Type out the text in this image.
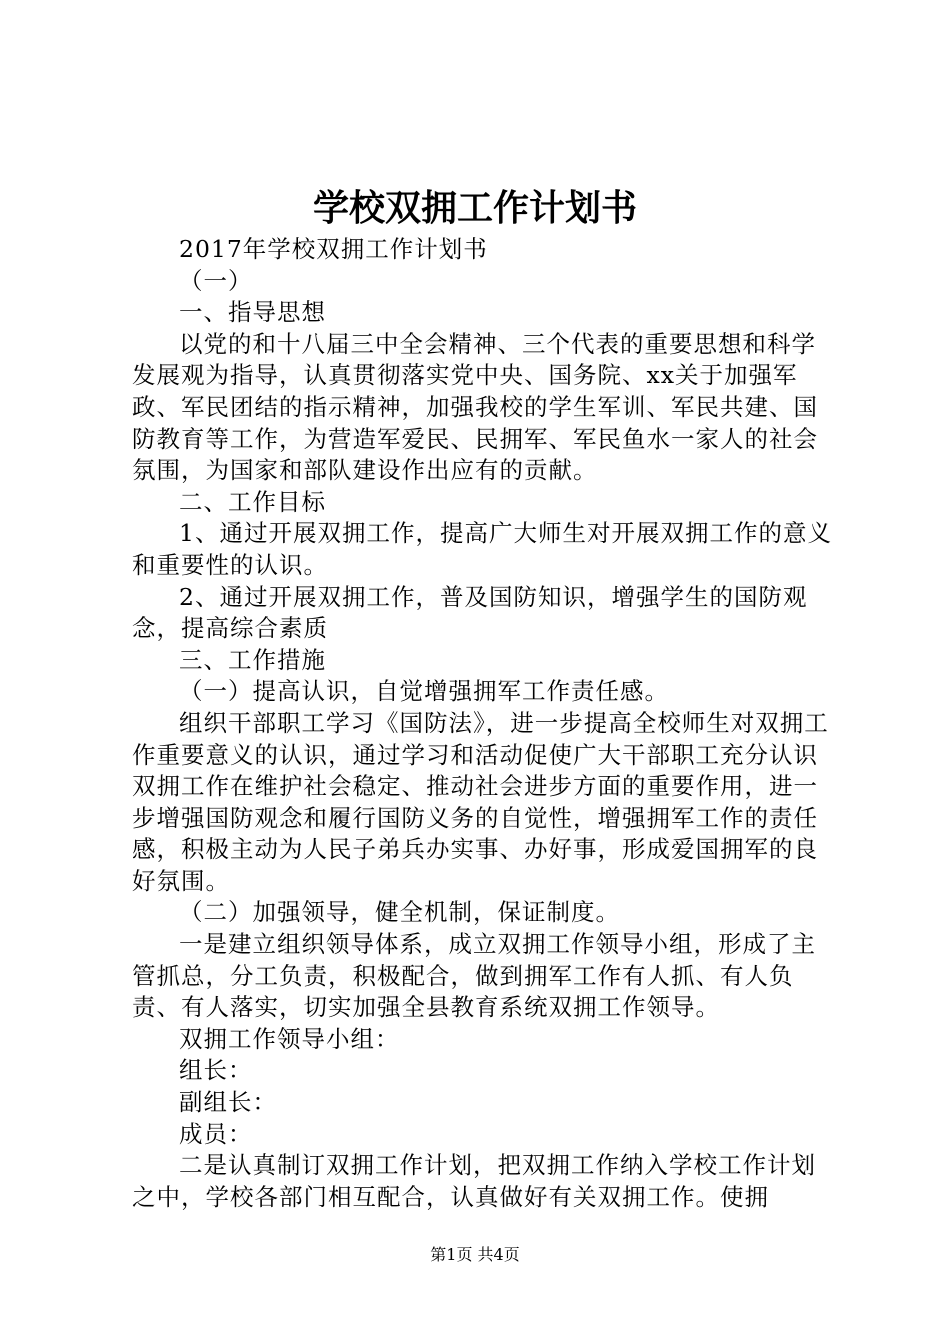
学校双拥工作计划书

2017年学校双拥工作计划书

（一）

一、指导思想

以党的和十八届三中全会精神、三个代表的重要思想和科学发展观为指导，认真贯彻落实党中央、国务院、xx关于加强军政、军民团结的指示精神，加强我校的学生军训、军民共建、国防教育等工作，为营造军爱民、民拥军、军民鱼水一家人的社会氛围，为国家和部队建设作出应有的贡献。

二、工作目标

1、通过开展双拥工作，提高广大师生对开展双拥工作的意义和重要性的认识。

2、通过开展双拥工作，普及国防知识，增强学生的国防观念，提高综合素质

三、工作措施

（一）提高认识，自觉增强拥军工作责任感。

组织干部职工学习《国防法》，进一步提高全校师生对双拥工作重要意义的认识，通过学习和活动促使广大干部职工充分认识双拥工作在维护社会稳定、推动社会进步方面的重要作用，进一步增强国防观念和履行国防义务的自觉性，增强拥军工作的责任感，积极主动为人民子弟兵办实事、办好事，形成爱国拥军的良好氛围。

（二）加强领导，健全机制，保证制度。

一是建立组织领导体系，成立双拥工作领导小组，形成了主管抓总，分工负责，积极配合，做到拥军工作有人抓、有人负责、有人落实，切实加强全县教育系统双拥工作领导。

双拥工作领导小组：

组长：

副组长：

成员：

二是认真制订双拥工作计划，把双拥工作纳入学校工作计划之中，学校各部门相互配合，认真做好有关双拥工作。使拥

第1页 共4页
